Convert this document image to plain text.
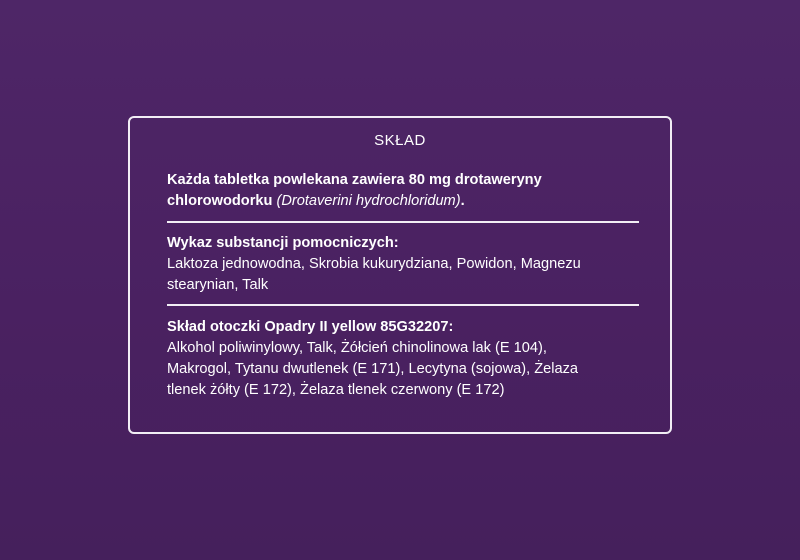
SKŁAD
Każda tabletka powlekana zawiera 80 mg drotaweryny chlorowodorku (Drotaverini hydrochloridum).
Wykaz substancji pomocniczych:
Laktoza jednowodna, Skrobia kukurydziana, Powidon, Magnezu
stearynian, Talk
Skład otoczki Opadry II yellow 85G32207:
Alkohol poliwinylowy, Talk, Żółcień chinolinowa lak (E 104),
Makrogol, Tytanu dwutlenek (E 171), Lecytyna (sojowa), Żelaza
tlenek żółty (E 172), Żelaza tlenek czerwony (E 172)
